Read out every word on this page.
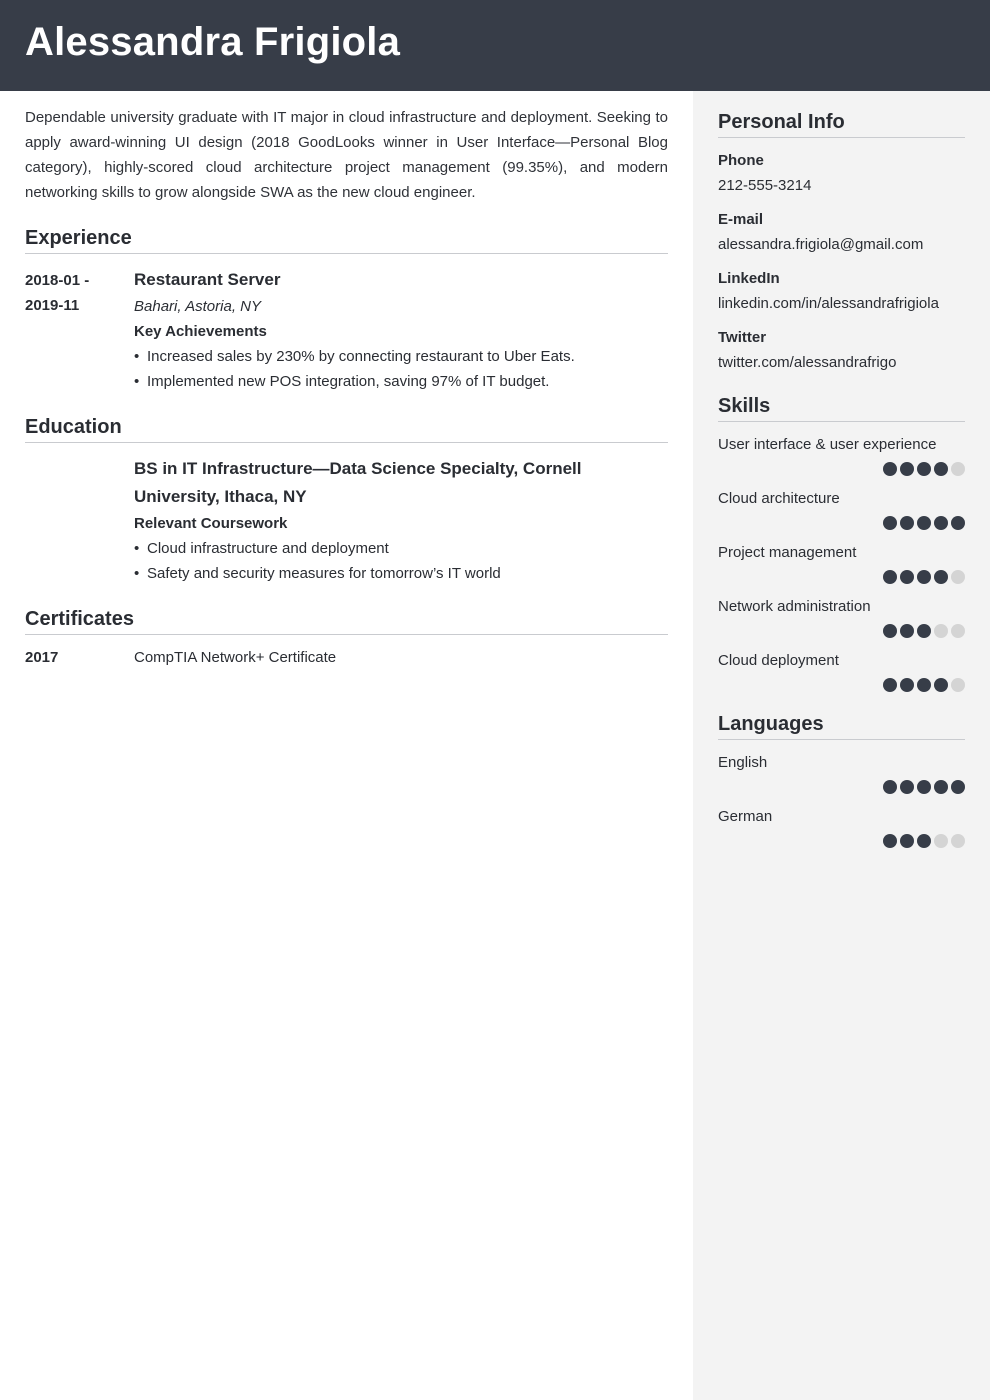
Alessandra Frigiola

Dependable university graduate with IT major in cloud infrastructure and deployment. Seeking to apply award-winning UI design (2018 GoodLooks winner in User Interface—Personal Blog category), highly-scored cloud architecture project management (99.35%), and modern networking skills to grow alongside SWA as the new cloud engineer.

Experience
2018-01 -
2019-11
Restaurant Server
Bahari, Astoria, NY
Key Achievements
• Increased sales by 230% by connecting restaurant to Uber Eats.
• Implemented new POS integration, saving 97% of IT budget.
Education
BS in IT Infrastructure—Data Science Specialty, Cornell University, Ithaca, NY
Relevant Coursework
• Cloud infrastructure and deployment
• Safety and security measures for tomorrow’s IT world
Certificates
2017	CompTIA Network+ Certificate
Personal Info
Phone
212-555-3214
E-mail
alessandra.frigiola@gmail.com
LinkedIn
linkedin.com/in/alessandrafrigiola
Twitter
twitter.com/alessandrafrigo
Skills
User interface & user experience
Cloud architecture
Project management
Network administration
Cloud deployment
Languages
English
German
